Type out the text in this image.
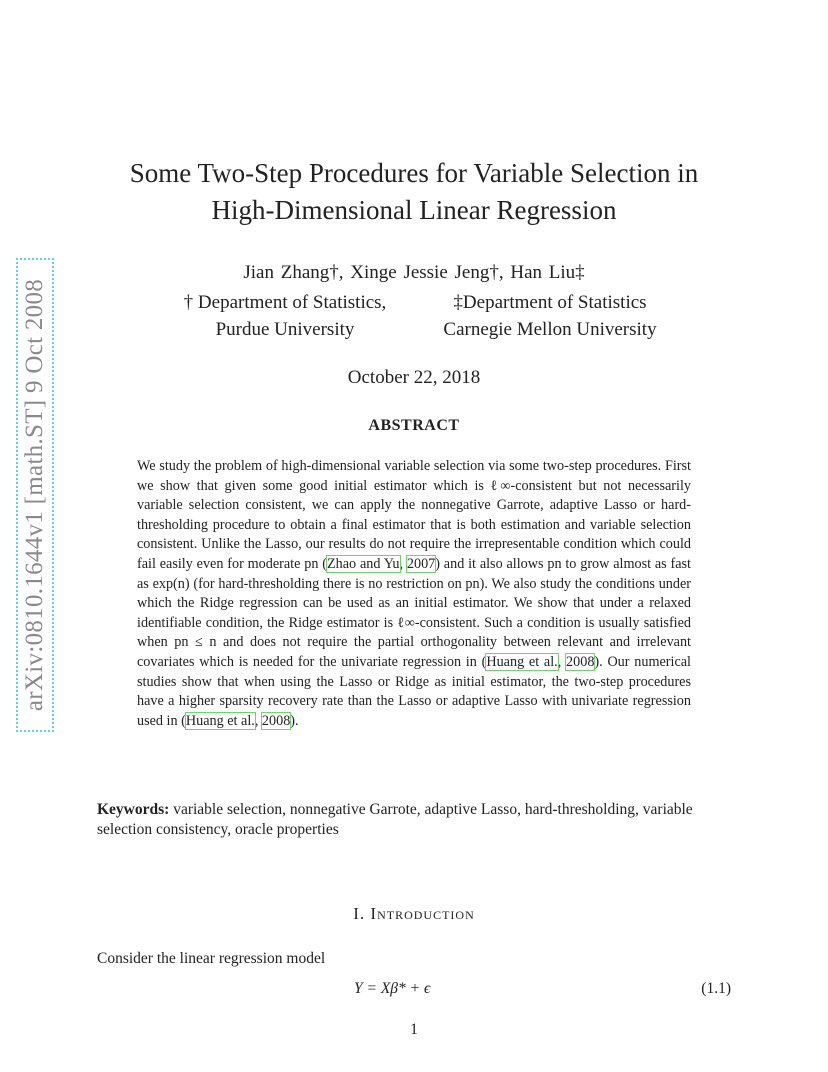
arXiv:0810.1644v1 [math.ST] 9 Oct 2008
Some Two-Step Procedures for Variable Selection in
High-Dimensional Linear Regression
Jian Zhang†, Xinge Jessie Jeng†, Han Liu‡
† Department of Statistics,
Purdue University
‡Department of Statistics
Carnegie Mellon University
October 22, 2018
ABSTRACT

We study the problem of high-dimensional variable selection via some two-step procedures. First we show that given some good initial estimator which is ℓ∞-consistent but not necessarily variable selection consistent, we can apply the nonnegative Garrote, adaptive Lasso or hard-thresholding procedure to obtain a final estimator that is both estimation and variable selection consistent. Unlike the Lasso, our results do not require the irrepresentable condition which could fail easily even for moderate pn (Zhao and Yu, 2007) and it also allows pn to grow almost as fast as exp(n) (for hard-thresholding there is no restriction on pn). We also study the conditions under which the Ridge regression can be used as an initial estimator. We show that under a relaxed identifiable condition, the Ridge estimator is ℓ∞-consistent. Such a condition is usually satisfied when pn ≤ n and does not require the partial orthogonality between relevant and irrelevant covariates which is needed for the univariate regression in (Huang et al., 2008). Our numerical studies show that when using the Lasso or Ridge as initial estimator, the two-step procedures have a higher sparsity recovery rate than the Lasso or adaptive Lasso with univariate regression used in (Huang et al., 2008).

Keywords: variable selection, nonnegative Garrote, adaptive Lasso, hard-thresholding, variable selection consistency, oracle properties
I. Introduction
Consider the linear regression model
Y = Xβ* + ϵ	(1.1)
1
